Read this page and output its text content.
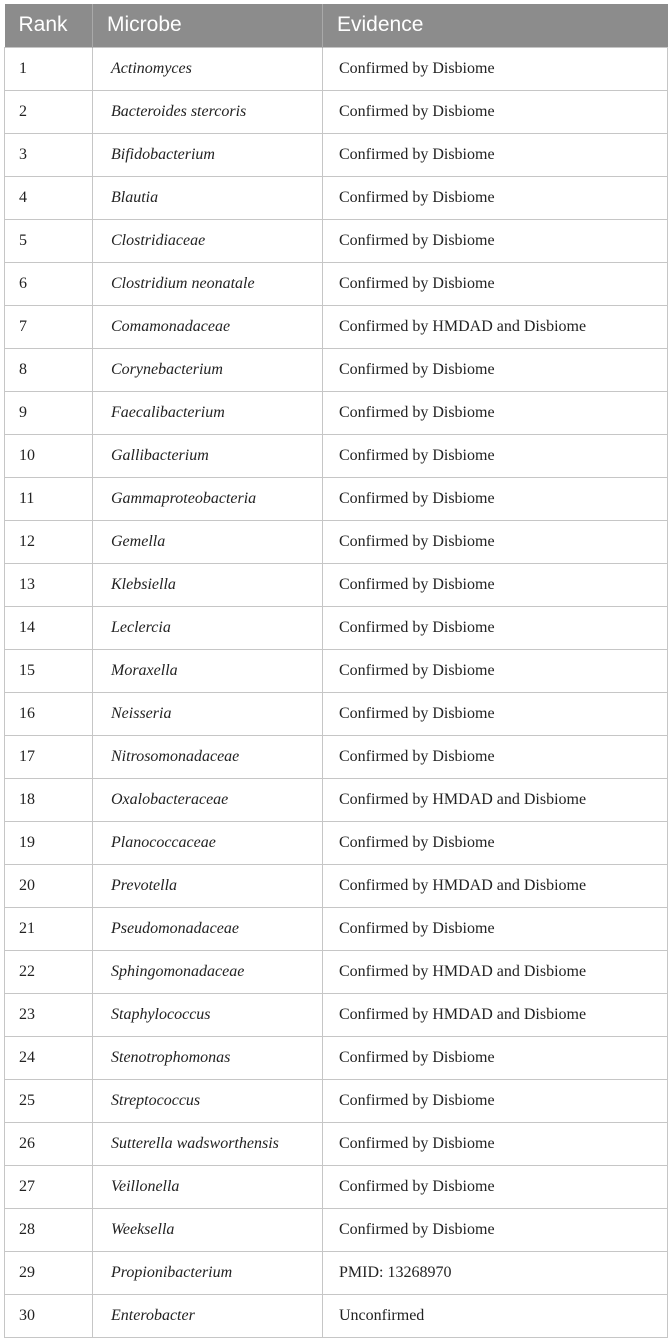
Rank	Microbe	Evidence
1	Actinomyces	Confirmed by Disbiome
2	Bacteroides stercoris	Confirmed by Disbiome
3	Bifidobacterium	Confirmed by Disbiome
4	Blautia	Confirmed by Disbiome
5	Clostridiaceae	Confirmed by Disbiome
6	Clostridium neonatale	Confirmed by Disbiome
7	Comamonadaceae	Confirmed by HMDAD and Disbiome
8	Corynebacterium	Confirmed by Disbiome
9	Faecalibacterium	Confirmed by Disbiome
10	Gallibacterium	Confirmed by Disbiome
11	Gammaproteobacteria	Confirmed by Disbiome
12	Gemella	Confirmed by Disbiome
13	Klebsiella	Confirmed by Disbiome
14	Leclercia	Confirmed by Disbiome
15	Moraxella	Confirmed by Disbiome
16	Neisseria	Confirmed by Disbiome
17	Nitrosomonadaceae	Confirmed by Disbiome
18	Oxalobacteraceae	Confirmed by HMDAD and Disbiome
19	Planococcaceae	Confirmed by Disbiome
20	Prevotella	Confirmed by HMDAD and Disbiome
21	Pseudomonadaceae	Confirmed by Disbiome
22	Sphingomonadaceae	Confirmed by HMDAD and Disbiome
23	Staphylococcus	Confirmed by HMDAD and Disbiome
24	Stenotrophomonas	Confirmed by Disbiome
25	Streptococcus	Confirmed by Disbiome
26	Sutterella wadsworthensis	Confirmed by Disbiome
27	Veillonella	Confirmed by Disbiome
28	Weeksella	Confirmed by Disbiome
29	Propionibacterium	PMID: 13268970
30	Enterobacter	Unconfirmed
